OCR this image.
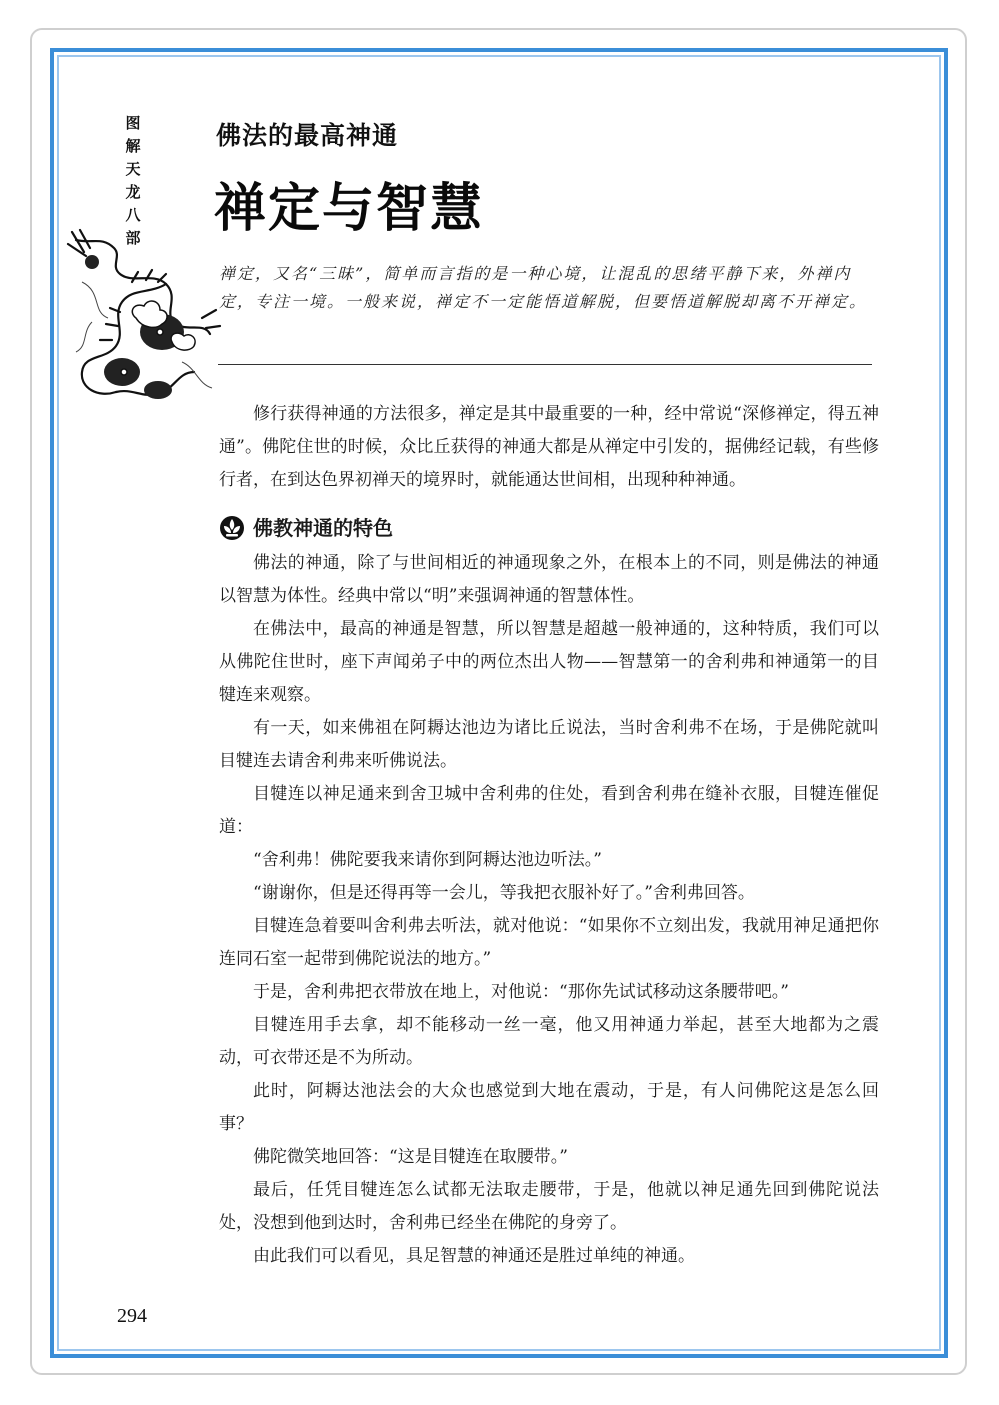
图
解
天
龙
八
部
佛法的最高神通
禅定与智慧

禅定，又名“三昧”，简单而言指的是一种心境，让混乱的思绪平静下来，外禅内定，专注一境。一般来说，禅定不一定能悟道解脱，但要悟道解脱却离不开禅定。

修行获得神通的方法很多，禅定是其中最重要的一种，经中常说“深修禅定，得五神通”。佛陀住世的时候，众比丘获得的神通大都是从禅定中引发的，据佛经记载，有些修行者，在到达色界初禅天的境界时，就能通达世间相，出现种种神通。

佛教神通的特色

佛法的神通，除了与世间相近的神通现象之外，在根本上的不同，则是佛法的神通以智慧为体性。经典中常以“明”来强调神通的智慧体性。

在佛法中，最高的神通是智慧，所以智慧是超越一般神通的，这种特质，我们可以从佛陀住世时，座下声闻弟子中的两位杰出人物——智慧第一的舍利弗和神通第一的目犍连来观察。

有一天，如来佛祖在阿耨达池边为诸比丘说法，当时舍利弗不在场，于是佛陀就叫目犍连去请舍利弗来听佛说法。

目犍连以神足通来到舍卫城中舍利弗的住处，看到舍利弗在缝补衣服，目犍连催促道：

“舍利弗！佛陀要我来请你到阿耨达池边听法。”

“谢谢你，但是还得再等一会儿，等我把衣服补好了。”舍利弗回答。

目犍连急着要叫舍利弗去听法，就对他说：“如果你不立刻出发，我就用神足通把你连同石室一起带到佛陀说法的地方。”

于是，舍利弗把衣带放在地上，对他说：“那你先试试移动这条腰带吧。”

目犍连用手去拿，却不能移动一丝一毫，他又用神通力举起，甚至大地都为之震动，可衣带还是不为所动。

此时，阿耨达池法会的大众也感觉到大地在震动，于是，有人问佛陀这是怎么回事？

佛陀微笑地回答：“这是目犍连在取腰带。”

最后，任凭目犍连怎么试都无法取走腰带，于是，他就以神足通先回到佛陀说法处，没想到他到达时，舍利弗已经坐在佛陀的身旁了。

由此我们可以看见，具足智慧的神通还是胜过单纯的神通。

294
